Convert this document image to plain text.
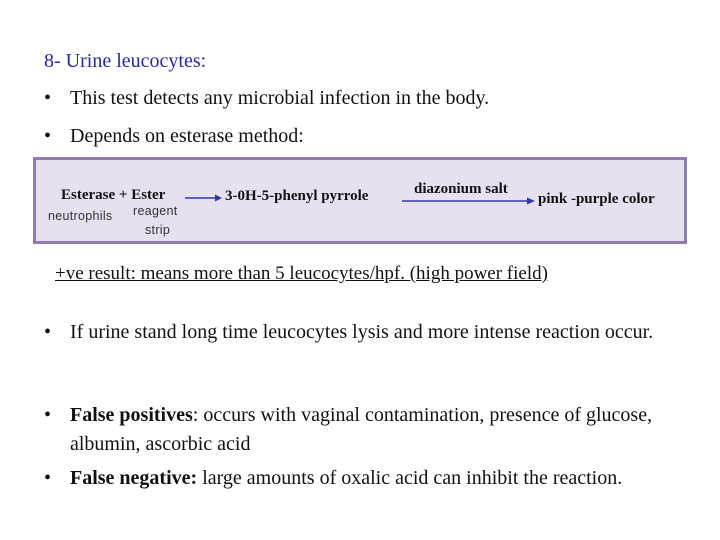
8- Urine leucocytes:
• This test detects any microbial infection in the body.
• Depends on esterase method:
Esterase + Ester
neutrophils reagent
strip
→ 3-0H-5-phenyl pyrrole	diazonium salt
pink -purple color
+ve result: means more than 5 leucocytes/hpf. (high power field)
• If urine stand long time leucocytes lysis and more intense reaction occur.
• False positives: occurs with vaginal contamination, presence of glucose, albumin, ascorbic acid
• False negative: large amounts of oxalic acid can inhibit the reaction.
